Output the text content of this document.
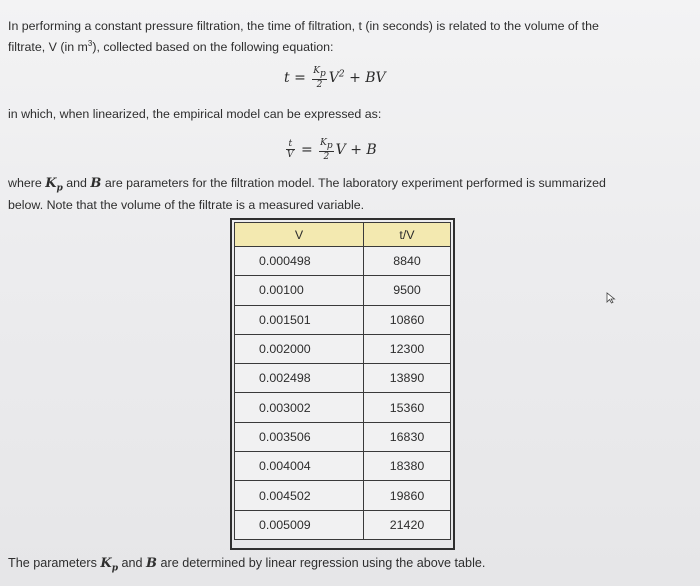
In performing a constant pressure filtration, the time of filtration, t (in seconds) is related to the volume of the

filtrate, V (in $m^3$), collected based on the following equation:

$t = \frac{K_p}{2} V^2$ + BV
in which, when linearized, the empirical model can be expressed as:
$\frac{t}{V} = \frac{K_p}{2}$ V + B

where $K_p$ and B are parameters for the filtration model. The laboratory experiment performed is summarized

below. Note that the volume of the filtrate is a measured variable.

V	t/V
0.000498	8840
0.00100	9500
0.001501	10860
0.002000	12300
0.002498	13890
0.003002	15360
0.003506	16830
0.004004	18380
0.004502	19860
0.005009	21420
The parameters $K_p$ and B are determined by linear regression using the above table.
